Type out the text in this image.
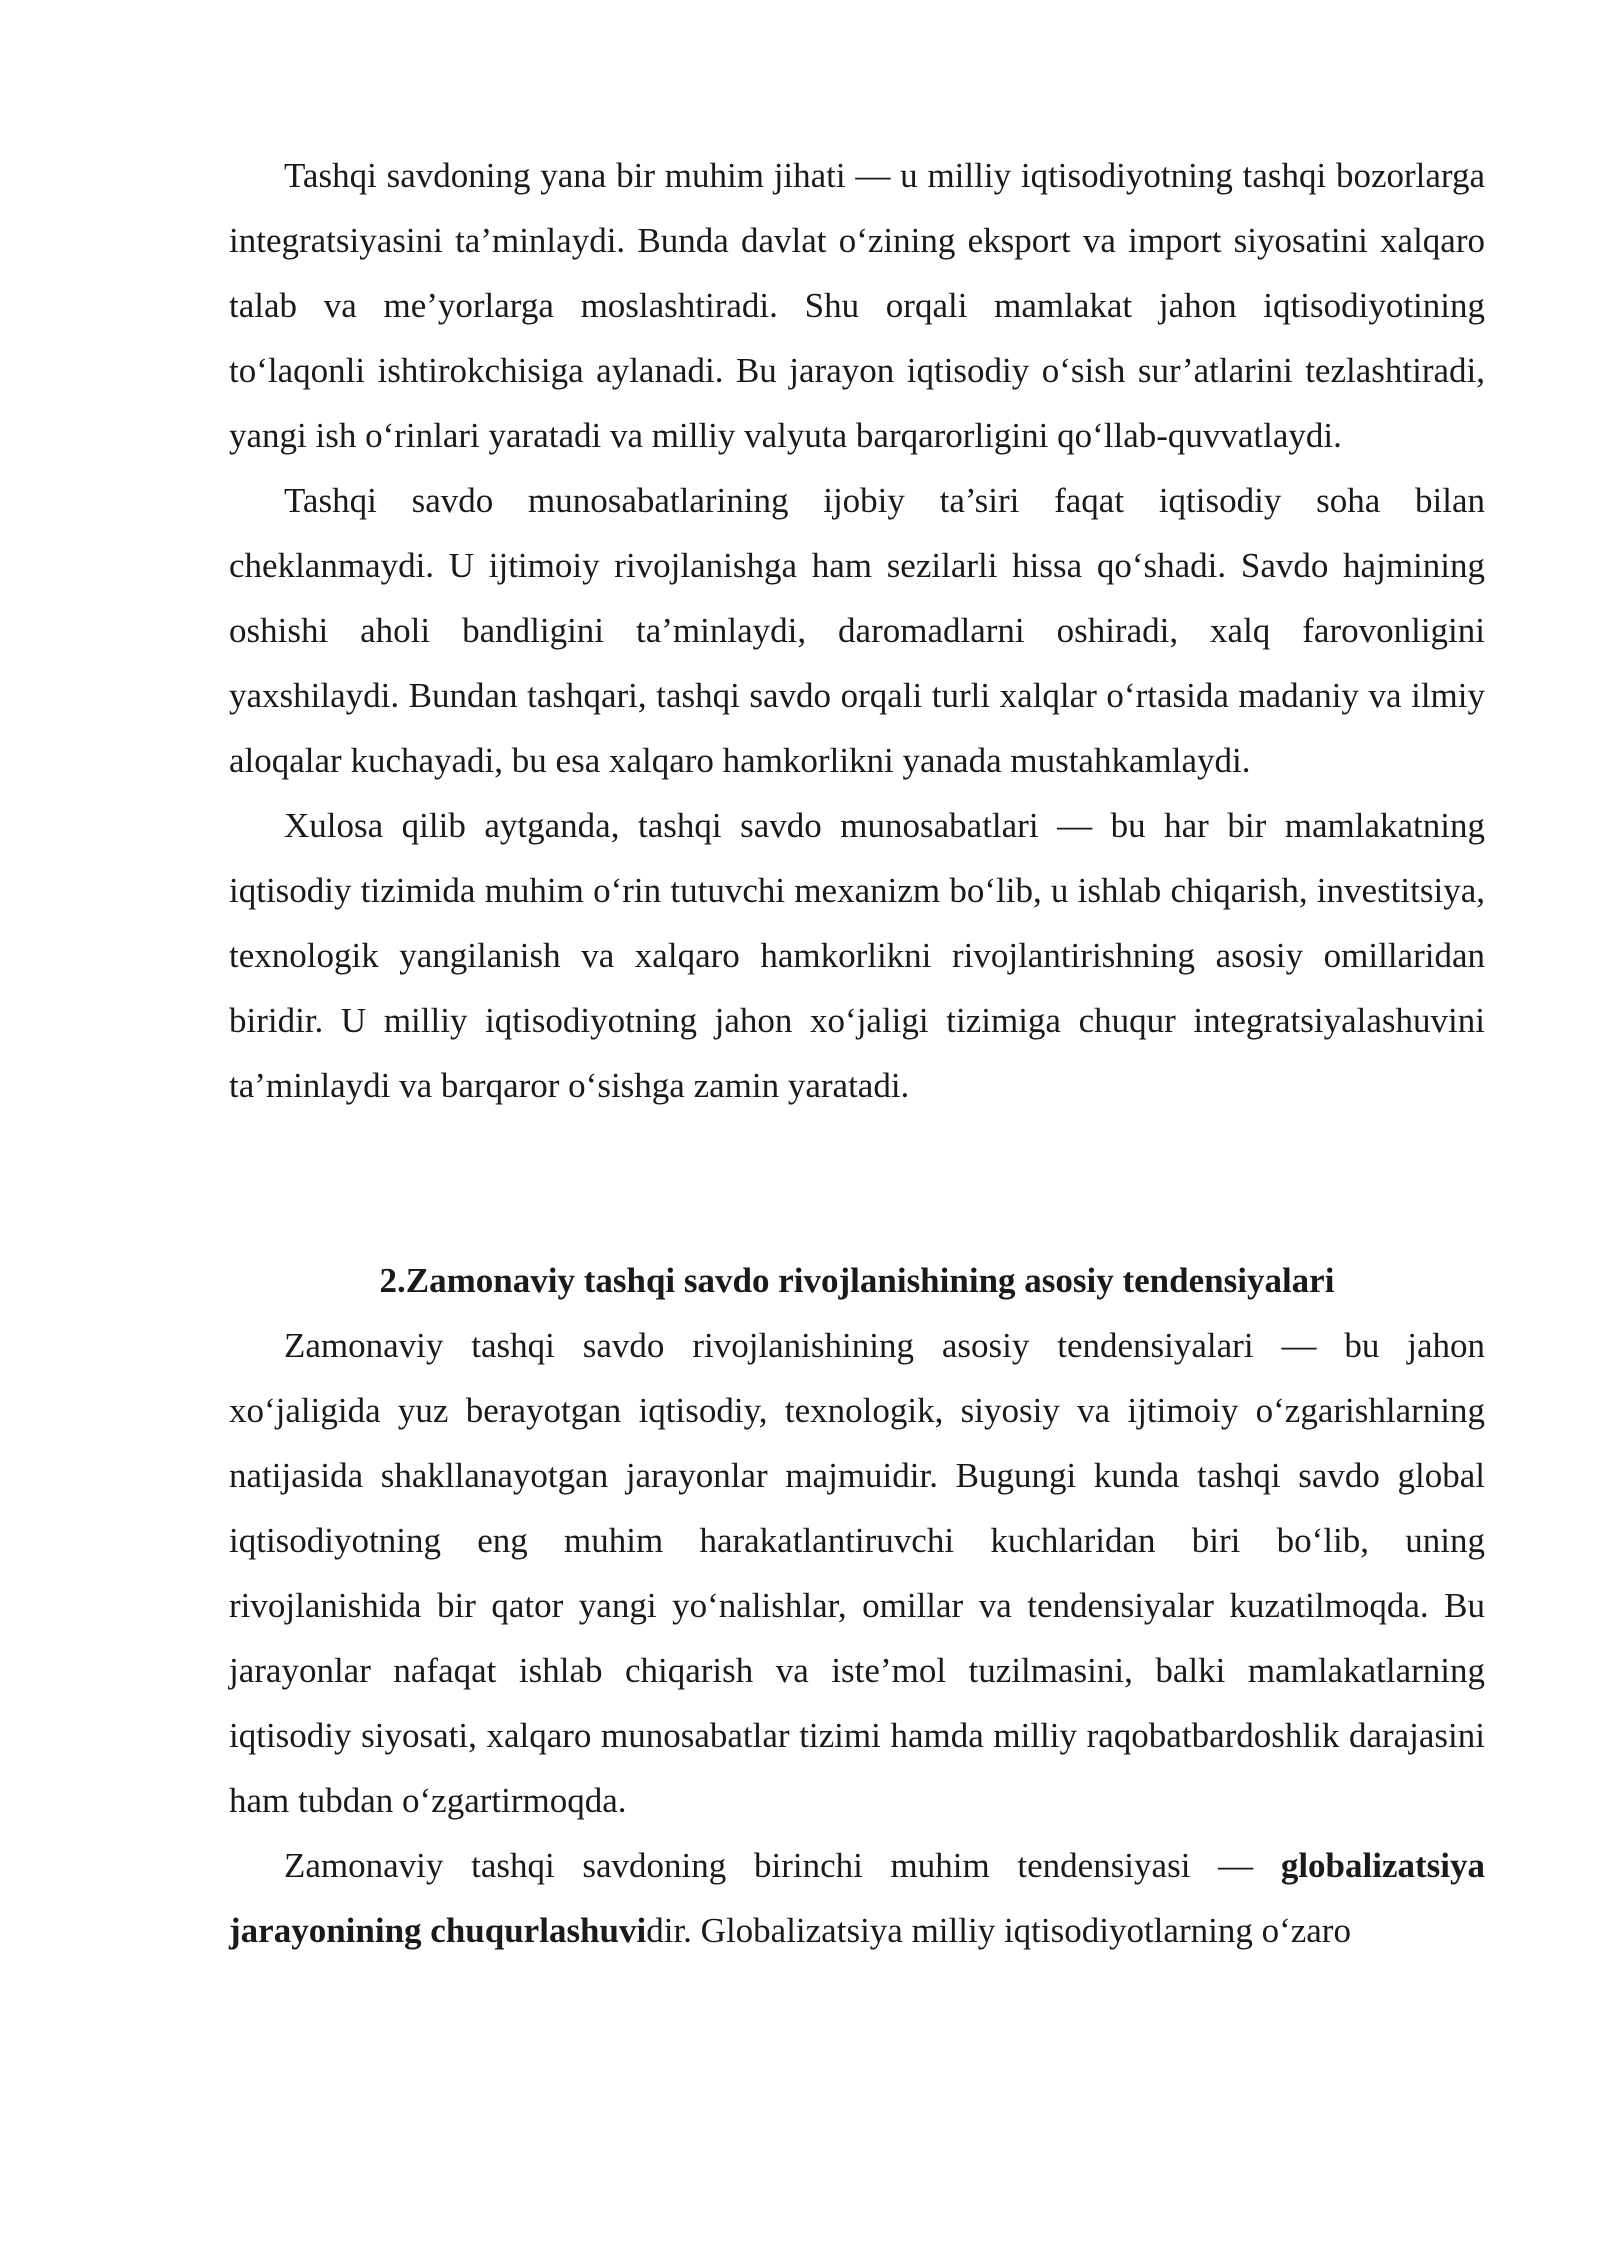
Tashqi savdoning yana bir muhim jihati — u milliy iqtisodiyotning tashqi bozorlarga integratsiyasini ta’minlaydi. Bunda davlat o‘zining eksport va import siyosatini xalqaro talab va me’yorlarga moslashtiradi. Shu orqali mamlakat jahon iqtisodiyotining to‘laqonli ishtirokchisiga aylanadi. Bu jarayon iqtisodiy o‘sish sur’atlarini tezlashtiradi, yangi ish o‘rinlari yaratadi va milliy valyuta barqarorligini qo‘llab-quvvatlaydi.

Tashqi savdo munosabatlarining ijobiy ta’siri faqat iqtisodiy soha bilan cheklanmaydi. U ijtimoiy rivojlanishga ham sezilarli hissa qo‘shadi. Savdo hajmining oshishi aholi bandligini ta’minlaydi, daromadlarni oshiradi, xalq farovonligini yaxshilaydi. Bundan tashqari, tashqi savdo orqali turli xalqlar o‘rtasida madaniy va ilmiy aloqalar kuchayadi, bu esa xalqaro hamkorlikni yanada mustahkamlaydi.

Xulosa qilib aytganda, tashqi savdo munosabatlari — bu har bir mamlakatning iqtisodiy tizimida muhim o‘rin tutuvchi mexanizm bo‘lib, u ishlab chiqarish, investitsiya, texnologik yangilanish va xalqaro hamkorlikni rivojlantirishning asosiy omillaridan biridir. U milliy iqtisodiyotning jahon xo‘jaligi tizimiga chuqur integratsiyalashuvini ta’minlaydi va barqaror o‘sishga zamin yaratadi.

2.Zamonaviy tashqi savdo rivojlanishining asosiy tendensiyalari

Zamonaviy tashqi savdo rivojlanishining asosiy tendensiyalari — bu jahon xo‘jaligida yuz berayotgan iqtisodiy, texnologik, siyosiy va ijtimoiy o‘zgarishlarning natijasida shakllanayotgan jarayonlar majmuidir. Bugungi kunda tashqi savdo global iqtisodiyotning eng muhim harakatlantiruvchi kuchlaridan biri bo‘lib, uning rivojlanishida bir qator yangi yo‘nalishlar, omillar va tendensiyalar kuzatilmoqda. Bu jarayonlar nafaqat ishlab chiqarish va iste’mol tuzilmasini, balki mamlakatlarning iqtisodiy siyosati, xalqaro munosabatlar tizimi hamda milliy raqobatbardoshlik darajasini ham tubdan o‘zgartirmoqda.

Zamonaviy tashqi savdoning birinchi muhim tendensiyasi — globalizatsiya jarayonining chuqurlashuvidir. Globalizatsiya milliy iqtisodiyotlarning o‘zaro
